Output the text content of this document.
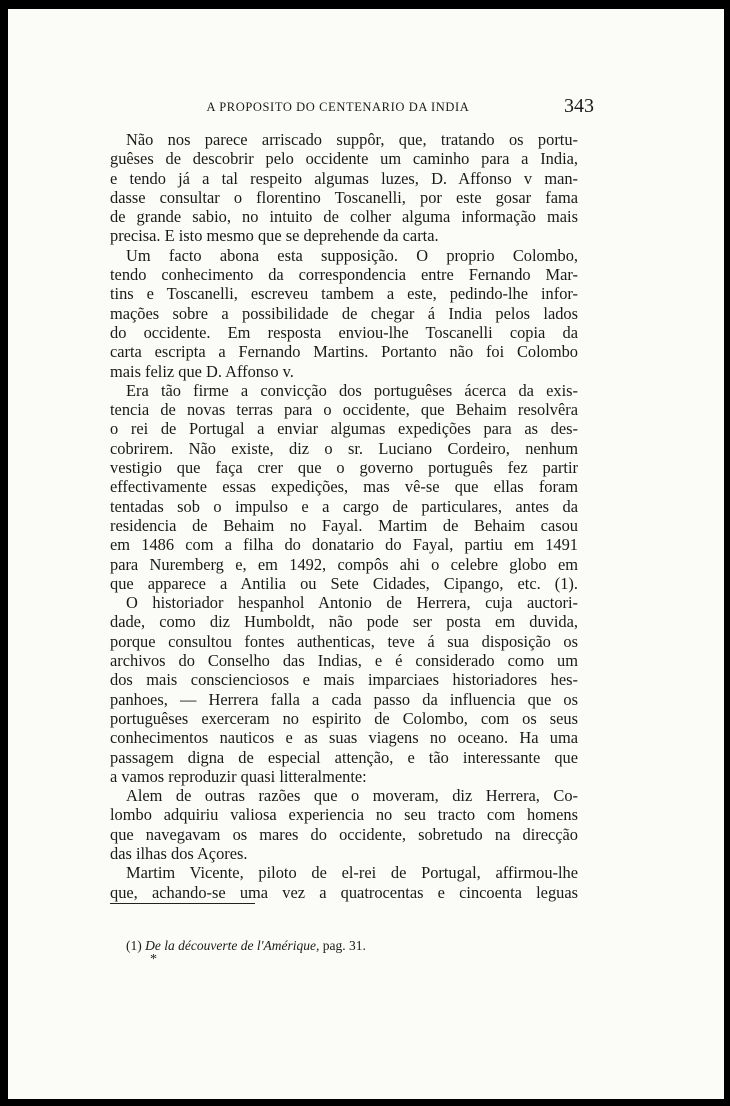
A PROPOSITO DO CENTENARIO DA INDIA	343
Não nos parece arriscado suppôr, que, tratando os portu-
guêses de descobrir pelo occidente um caminho para a India,
e tendo já a tal respeito algumas luzes, D. Affonso v man-
dasse consultar o florentino Toscanelli, por este gosar fama
de grande sabio, no intuito de colher alguma informação mais
precisa. E isto mesmo que se deprehende da carta.
Um facto abona esta supposição. O proprio Colombo,
tendo conhecimento da correspondencia entre Fernando Mar-
tins e Toscanelli, escreveu tambem a este, pedindo-lhe infor-
mações sobre a possibilidade de chegar á India pelos lados
do occidente. Em resposta enviou-lhe Toscanelli copia da
carta escripta a Fernando Martins. Portanto não foi Colombo
mais feliz que D. Affonso v.
Era tão firme a convicção dos portuguêses ácerca da exis-
tencia de novas terras para o occidente, que Behaim resolvêra
o rei de Portugal a enviar algumas expedições para as des-
cobrirem. Não existe, diz o sr. Luciano Cordeiro, nenhum
vestigio que faça crer que o governo português fez partir
effectivamente essas expedições, mas vê-se que ellas foram
tentadas sob o impulso e a cargo de particulares, antes da
residencia de Behaim no Fayal. Martim de Behaim casou
em 1486 com a filha do donatario do Fayal, partiu em 1491
para Nuremberg e, em 1492, compôs ahi o celebre globo em
que apparece a Antilia ou Sete Cidades, Cipango, etc. (1).
O historiador hespanhol Antonio de Herrera, cuja auctori-
dade, como diz Humboldt, não pode ser posta em duvida,
porque consultou fontes authenticas, teve á sua disposição os
archivos do Conselho das Indias, e é considerado como um
dos mais conscienciosos e mais imparciaes historiadores hes-
panhoes, — Herrera falla a cada passo da influencia que os
portuguêses exerceram no espirito de Colombo, com os seus
conhecimentos nauticos e as suas viagens no oceano. Ha uma
passagem digna de especial attenção, e tão interessante que
a vamos reproduzir quasi litteralmente:
Alem de outras razões que o moveram, diz Herrera, Co-
lombo adquiriu valiosa experiencia no seu tracto com homens
que navegavam os mares do occidente, sobretudo na direcção
das ilhas dos Açores.
Martim Vicente, piloto de el-rei de Portugal, affirmou-lhe
que, achando-se uma vez a quatrocentas e cincoenta leguas
(1) De la découverte de l'Amérique, pag. 31.
*
